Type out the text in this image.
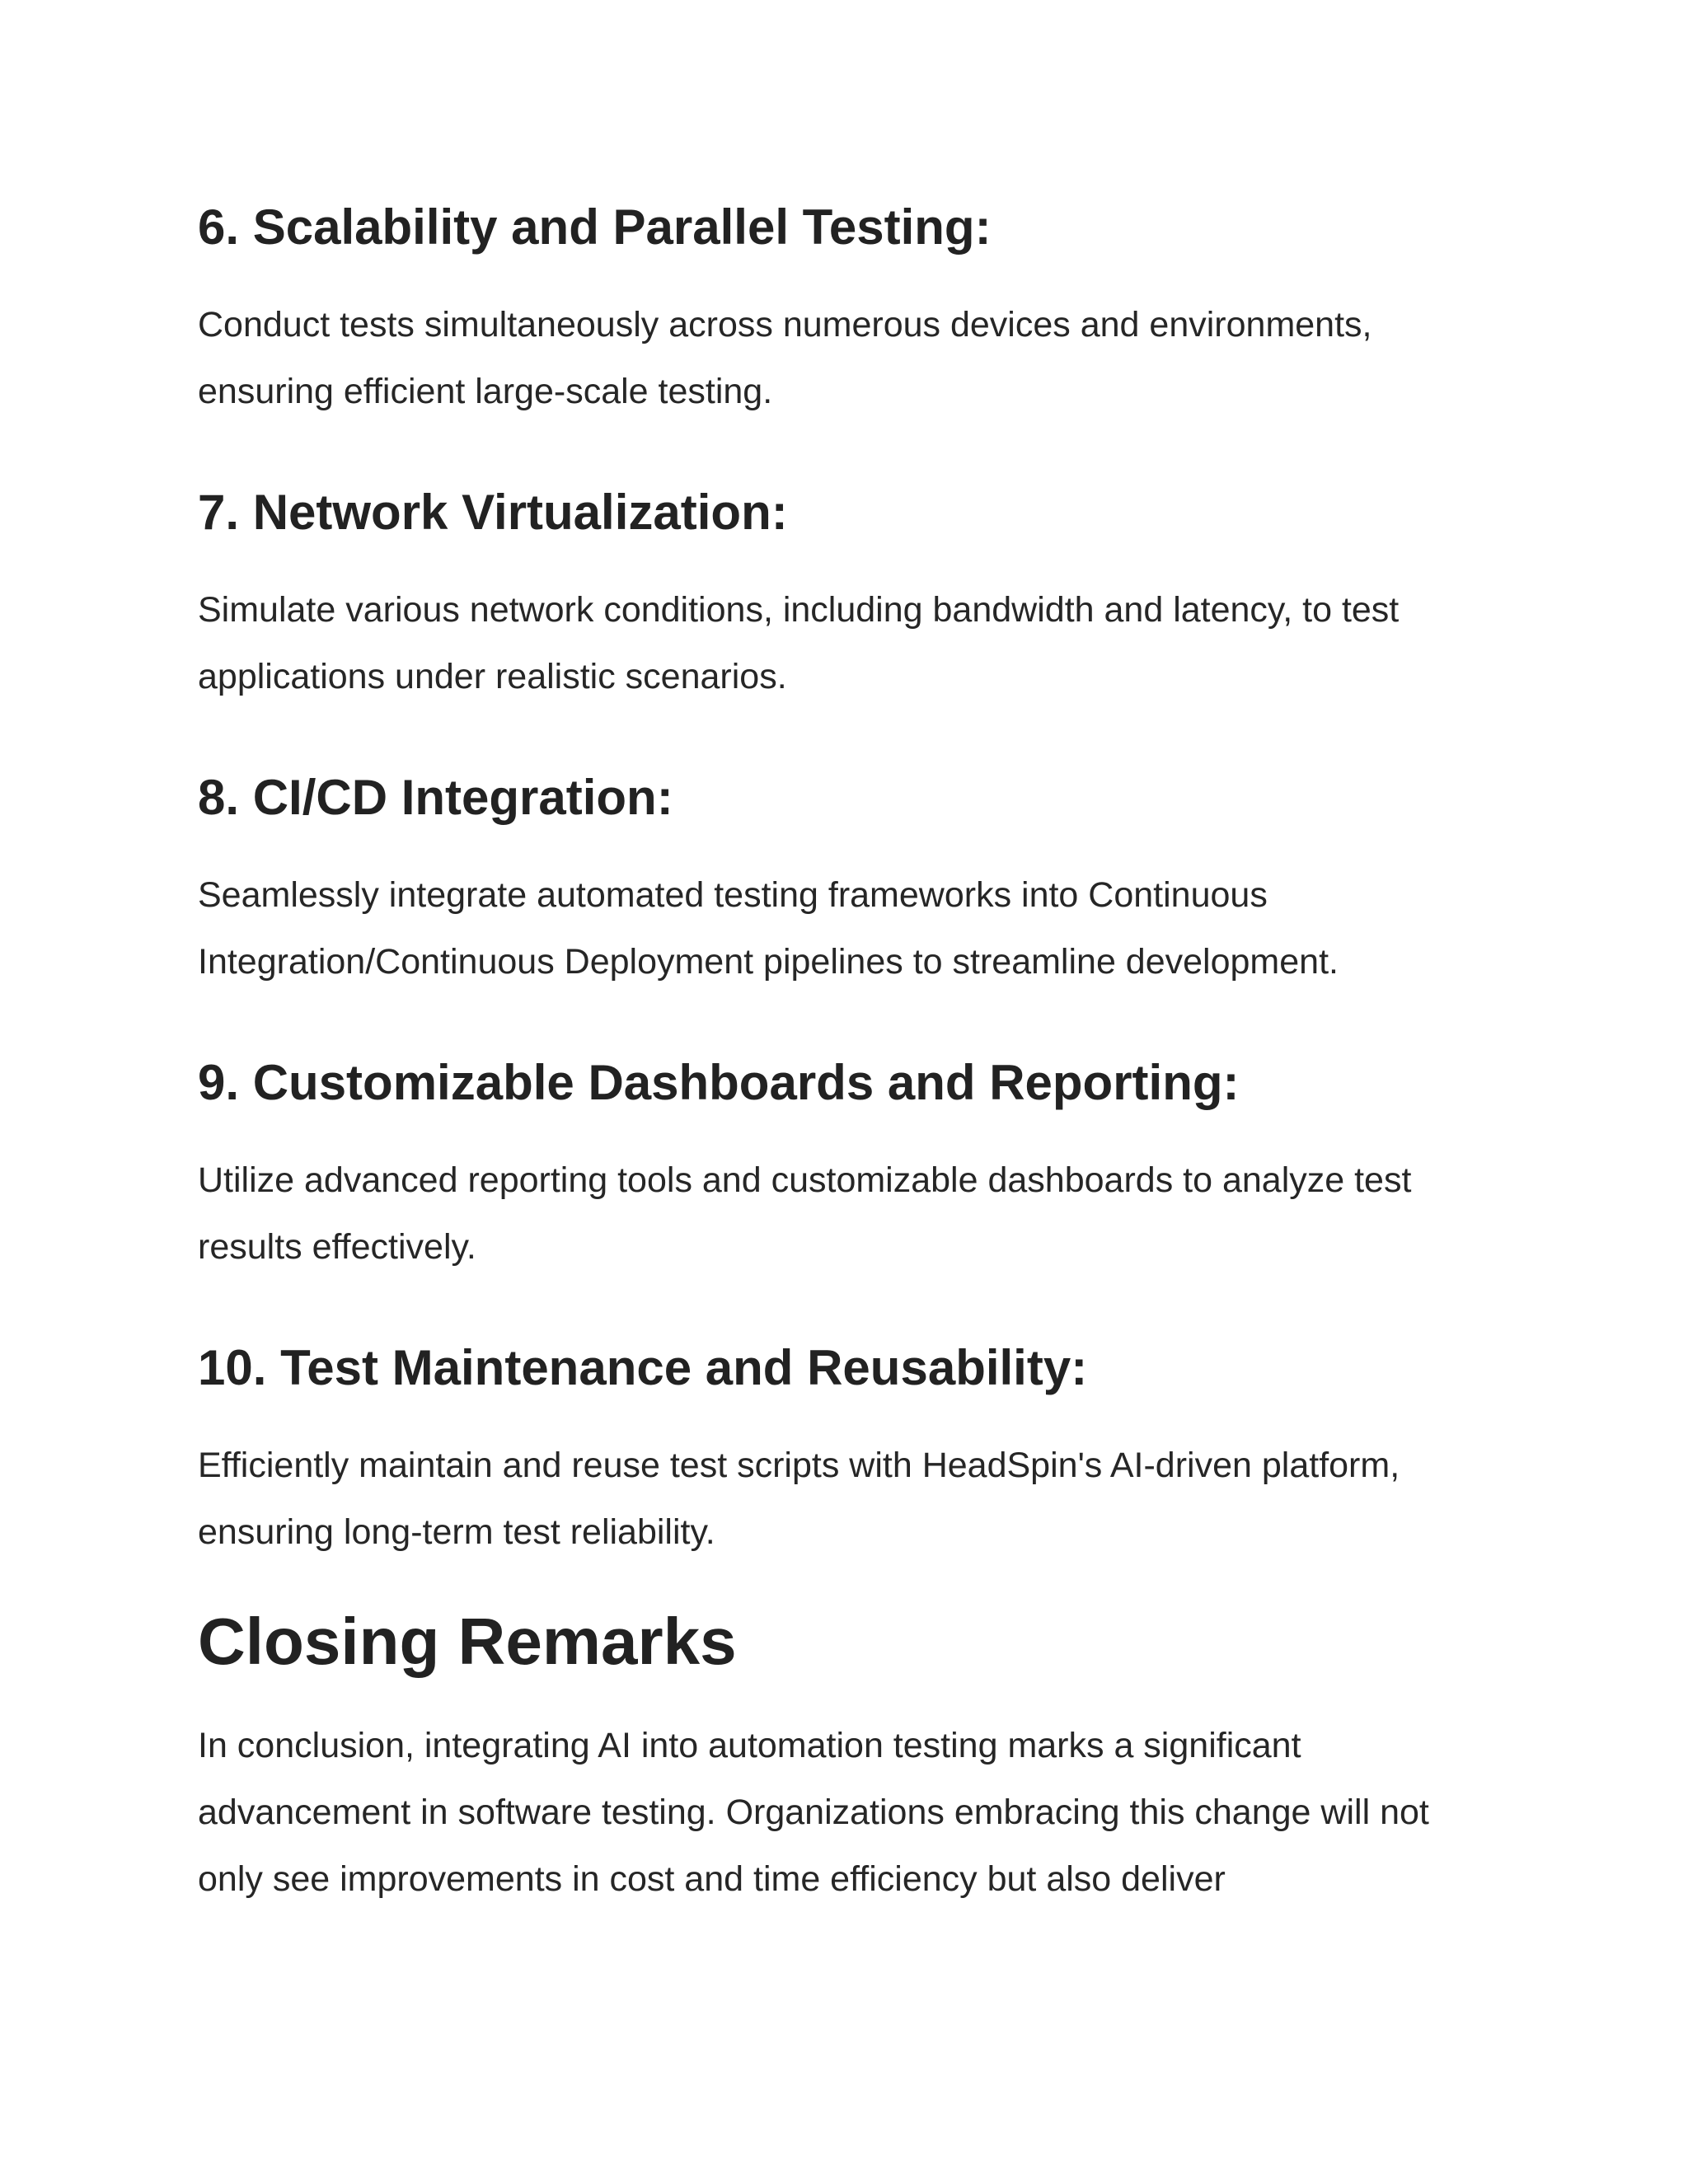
6. Scalability and Parallel Testing:

Conduct tests simultaneously across numerous devices and environments, ensuring efficient large-scale testing.

7. Network Virtualization:

Simulate various network conditions, including bandwidth and latency, to test applications under realistic scenarios.

8. CI/CD Integration:

Seamlessly integrate automated testing frameworks into Continuous Integration/Continuous Deployment pipelines to streamline development.

9. Customizable Dashboards and Reporting:

Utilize advanced reporting tools and customizable dashboards to analyze test results effectively.

10. Test Maintenance and Reusability:

Efficiently maintain and reuse test scripts with HeadSpin's AI-driven platform, ensuring long-term test reliability.

Closing Remarks

In conclusion, integrating AI into automation testing marks a significant advancement in software testing. Organizations embracing this change will not only see improvements in cost and time efficiency but also deliver
